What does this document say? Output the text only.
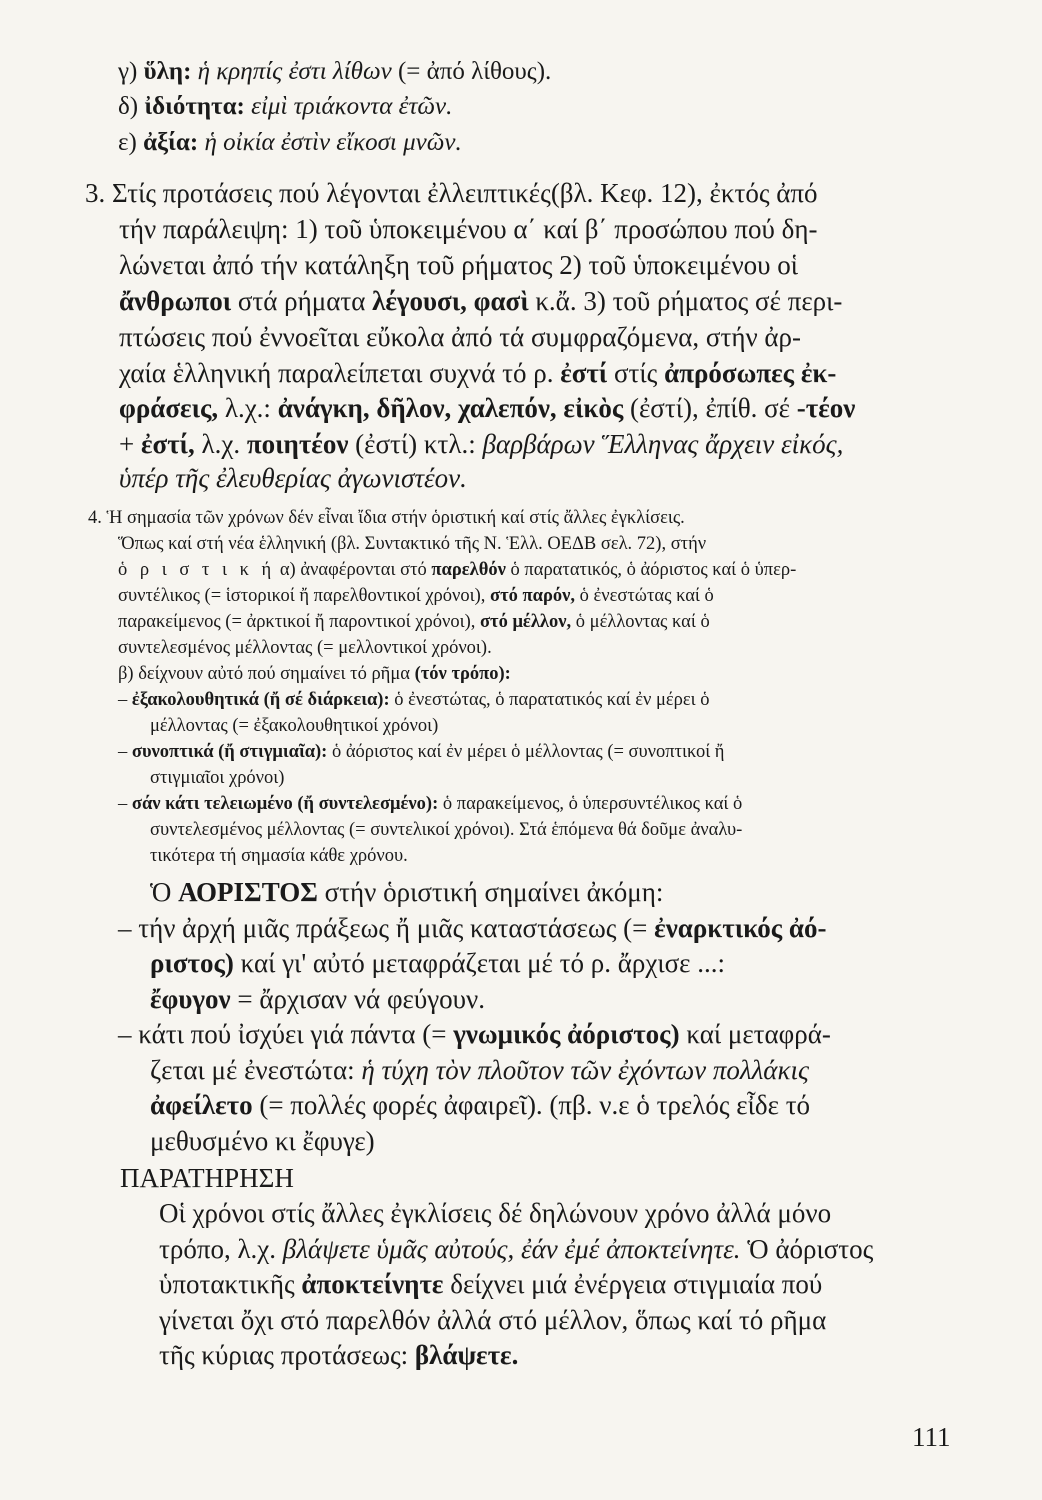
γ) ὕλη: ἡ κρηπίς ἐστι λίθων (= ἀπό λίθους).

δ) ἰδιότητα: εἰμὶ τριάκοντα ἐτῶν.

ε) ἀξία: ἡ οἰκία ἐστὶν εἴκοσι μνῶν.

3. Στίς προτάσεις πού λέγονται ἐλλειπτικές(βλ. Κεφ. 12), ἐκτός ἀπό

τήν παράλειψη: 1) τοῦ ὑποκειμένου α΄ καί β΄ προσώπου πού δη-

λώνεται ἀπό τήν κατάληξη τοῦ ρήματος 2) τοῦ ὑποκειμένου οἱ

ἄνθρωποι στά ρήματα λέγουσι, φασὶ κ.ἄ. 3) τοῦ ρήματος σέ περι-

πτώσεις πού ἐννοεῖται εὔκολα ἀπό τά συμφραζόμενα, στήν ἀρ-

χαία ἑλληνική παραλείπεται συχνά τό ρ. ἐστί στίς ἀπρόσωπες ἐκ-

φράσεις, λ.χ.: ἀνάγκη, δῆλον, χαλεπόν, εἰκὸς (ἐστί), ἐπίθ. σέ -τέον

+ ἐστί, λ.χ. ποιητέον (ἐστί) κτλ.: βαρβάρων Ἕλληνας ἄρχειν εἰκός,

ὑπέρ τῆς ἐλευθερίας ἀγωνιστέον.

4. Ἡ σημασία τῶν χρόνων δέν εἶναι ἴδια στήν ὁριστική καί στίς ἄλλες ἐγκλίσεις.

Ὅπως καί στή νέα ἑλληνική (βλ. Συντακτικό τῆς Ν. Ἑλλ. ΟΕΔΒ σελ. 72), στήν

ὁ ρ ι σ τ ι κ ή α) ἀναφέρονται στό παρελθόν ὁ παρατατικός, ὁ ἀόριστος καί ὁ ὑπερ-

συντέλικος (= ἱστορικοί ἤ παρελθοντικοί χρόνοι), στό παρόν, ὁ ἐνεστώτας καί ὁ

παρακείμενος (= ἀρκτικοί ἤ παροντικοί χρόνοι), στό μέλλον, ὁ μέλλοντας καί ὁ

συντελεσμένος μέλλοντας (= μελλοντικοί χρόνοι).

β) δείχνουν αὐτό πού σημαίνει τό ρῆμα (τόν τρόπο):

– ἐξακολουθητικά (ἤ σέ διάρκεια): ὁ ἐνεστώτας, ὁ παρατατικός καί ἐν μέρει ὁ

μέλλοντας (= ἐξακολουθητικοί χρόνοι)

– συνοπτικά (ἤ στιγμιαῖα): ὁ ἀόριστος καί ἐν μέρει ὁ μέλλοντας (= συνοπτικοί ἤ

στιγμιαῖοι χρόνοι)

– σάν κάτι τελειωμένο (ἤ συντελεσμένο): ὁ παρακείμενος, ὁ ὑπερσυντέλικος καί ὁ

συντελεσμένος μέλλοντας (= συντελικοί χρόνοι). Στά ἑπόμενα θά δοῦμε ἀναλυ-

τικότερα τή σημασία κάθε χρόνου.

Ὁ ΑΟΡΙΣΤΟΣ στήν ὁριστική σημαίνει ἀκόμη:

– τήν ἀρχή μιᾶς πράξεως ἤ μιᾶς καταστάσεως (= ἐναρκτικός ἀό-

ριστος) καί γι' αὐτό μεταφράζεται μέ τό ρ. ἄρχισε ...:

ἔφυγον = ἄρχισαν νά φεύγουν.

– κάτι πού ἰσχύει γιά πάντα (= γνωμικός ἀόριστος) καί μεταφρά-

ζεται μέ ἐνεστώτα: ἡ τύχη τὸν πλοῦτον τῶν ἐχόντων πολλάκις

ἀφείλετο (= πολλές φορές ἀφαιρεῖ). (πβ. ν.ε ὁ τρελός εἶδε τό

μεθυσμένο κι ἔφυγε)

ΠΑΡΑΤΗΡΗΣΗ

Οἱ χρόνοι στίς ἄλλες ἐγκλίσεις δέ δηλώνουν χρόνο ἀλλά μόνο

τρόπο, λ.χ. βλάψετε ὑμᾶς αὐτούς, ἐάν ἐμέ ἀποκτείνητε. Ὁ ἀόριστος

ὑποτακτικῆς ἀποκτείνητε δείχνει μιά ἐνέργεια στιγμιαία πού

γίνεται ὄχι στό παρελθόν ἀλλά στό μέλλον, ὅπως καί τό ρῆμα

τῆς κύριας προτάσεως: βλάψετε.

111
